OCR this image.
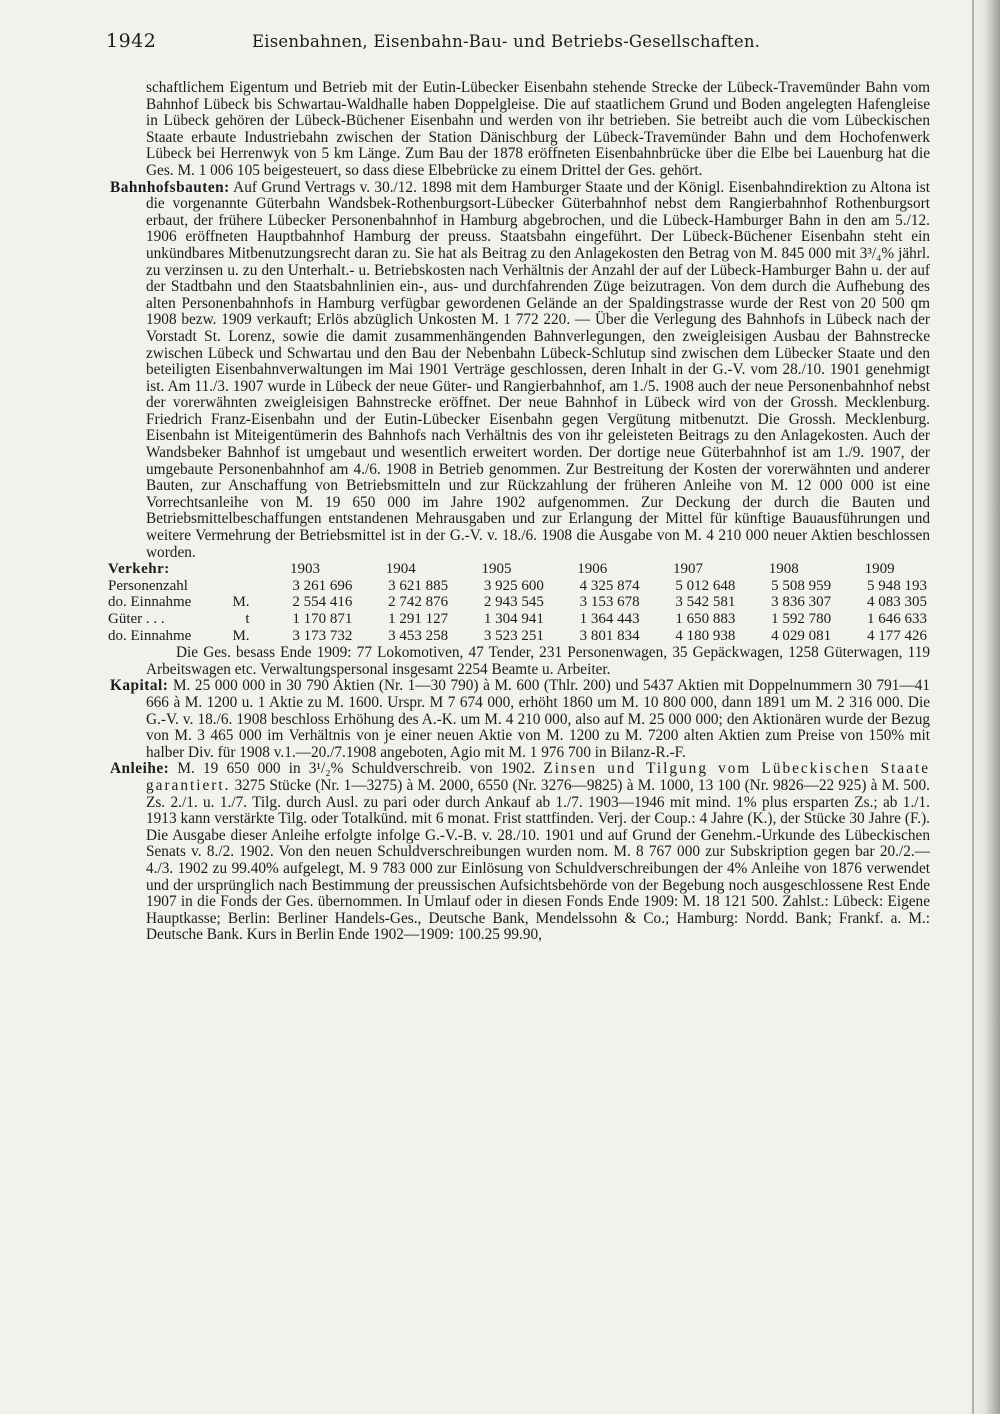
1942	Eisenbahnen, Eisenbahn-Bau- und Betriebs-Gesellschaften.

schaftlichem Eigentum und Betrieb mit der Eutin-Lübecker Eisenbahn stehende Strecke der Lübeck-Travemünder Bahn vom Bahnhof Lübeck bis Schwartau-Waldhalle haben Doppelgleise. Die auf staatlichem Grund und Boden angelegten Hafengleise in Lübeck gehören der Lübeck-Büchener Eisenbahn und werden von ihr betrieben. Sie betreibt auch die vom Lübeckischen Staate erbaute Industriebahn zwischen der Station Dänischburg der Lübeck-Travemünder Bahn und dem Hochofenwerk Lübeck bei Herrenwyk von 5 km Länge. Zum Bau der 1878 eröffneten Eisenbahnbrücke über die Elbe bei Lauenburg hat die Ges. M. 1 006 105 beigesteuert, so dass diese Elbebrücke zu einem Drittel der Ges. gehört.

Bahnhofsbauten: Auf Grund Vertrags v. 30./12. 1898 mit dem Hamburger Staate und der Königl. Eisenbahndirektion zu Altona ist die vorgenannte Güterbahn Wandsbek-Rothenburgsort-Lübecker Güterbahnhof nebst dem Rangierbahnhof Rothenburgsort erbaut, der frühere Lübecker Personenbahnhof in Hamburg abgebrochen, und die Lübeck-Hamburger Bahn in den am 5./12. 1906 eröffneten Hauptbahnhof Hamburg der preuss. Staatsbahn eingeführt. Der Lübeck-Büchener Eisenbahn steht ein unkündbares Mitbenutzungsrecht daran zu. Sie hat als Beitrag zu den Anlagekosten den Betrag von M. 845 000 mit 3³/₄% jährl. zu verzinsen u. zu den Unterhalt.- u. Betriebskosten nach Verhältnis der Anzahl der auf der Lübeck-Hamburger Bahn u. der auf der Stadtbahn und den Staatsbahnlinien ein-, aus- und durchfahrenden Züge beizutragen. Von dem durch die Aufhebung des alten Personenbahnhofs in Hamburg verfügbar gewordenen Gelände an der Spaldingstrasse wurde der Rest von 20 500 qm 1908 bezw. 1909 verkauft; Erlös abzüglich Unkosten M. 1 772 220. — Über die Verlegung des Bahnhofs in Lübeck nach der Vorstadt St. Lorenz, sowie die damit zusammenhängenden Bahnverlegungen, den zweigleisigen Ausbau der Bahnstrecke zwischen Lübeck und Schwartau und den Bau der Nebenbahn Lübeck-Schlutup sind zwischen dem Lübecker Staate und den beteiligten Eisenbahnverwaltungen im Mai 1901 Verträge geschlossen, deren Inhalt in der G.-V. vom 28./10. 1901 genehmigt ist. Am 11./3. 1907 wurde in Lübeck der neue Güter- und Rangierbahnhof, am 1./5. 1908 auch der neue Personenbahnhof nebst der vorerwähnten zweigleisigen Bahnstrecke eröffnet. Der neue Bahnhof in Lübeck wird von der Grossh. Mecklenburg. Friedrich Franz-Eisenbahn und der Eutin-Lübecker Eisenbahn gegen Vergütung mitbenutzt. Die Grossh. Mecklenburg. Eisenbahn ist Miteigentümerin des Bahnhofs nach Verhältnis des von ihr geleisteten Beitrags zu den Anlagekosten. Auch der Wandsbeker Bahnhof ist umgebaut und wesentlich erweitert worden. Der dortige neue Güterbahnhof ist am 1./9. 1907, der umgebaute Personenbahnhof am 4./6. 1908 in Betrieb genommen. Zur Bestreitung der Kosten der vorerwähnten und anderer Bauten, zur Anschaffung von Betriebsmitteln und zur Rückzahlung der früheren Anleihe von M. 12 000 000 ist eine Vorrechtsanleihe von M. 19 650 000 im Jahre 1902 aufgenommen. Zur Deckung der durch die Bauten und Betriebsmittelbeschaffungen entstandenen Mehrausgaben und zur Erlangung der Mittel für künftige Bauausführungen und weitere Vermehrung der Betriebsmittel ist in der G.-V. v. 18./6. 1908 die Ausgabe von M. 4 210 000 neuer Aktien beschlossen worden.

Verkehr:	1903	1904	1905	1906	1907	1908	1909
Personenzahl	3 261 696	3 621 885	3 925 600	4 325 874	5 012 648	5 508 959	5 948 193
do. Einnahme M.	2 554 416	2 742 876	2 943 545	3 153 678	3 542 581	3 836 307	4 083 305
Güter . . . t	1 170 871	1 291 127	1 304 941	1 364 443	1 650 883	1 592 780	1 646 633
do. Einnahme M.	3 173 732	3 453 258	3 523 251	3 801 834	4 180 938	4 029 081	4 177 426

Die Ges. besass Ende 1909: 77 Lokomotiven, 47 Tender, 231 Personenwagen, 35 Gepäckwagen, 1258 Güterwagen, 119 Arbeitswagen etc. Verwaltungspersonal insgesamt 2254 Beamte u. Arbeiter.

Kapital: M. 25 000 000 in 30 790 Aktien (Nr. 1—30 790) à M. 600 (Thlr. 200) und 5437 Aktien mit Doppelnummern 30 791—41 666 à M. 1200 u. 1 Aktie zu M. 1600. Urspr. M 7 674 000, erhöht 1860 um M. 10 800 000, dann 1891 um M. 2 316 000. Die G.-V. v. 18./6. 1908 beschloss Erhöhung des A.-K. um M. 4 210 000, also auf M. 25 000 000; den Aktionären wurde der Bezug von M. 3 465 000 im Verhältnis von je einer neuen Aktie von M. 1200 zu M. 7200 alten Aktien zum Preise von 150% mit halber Div. für 1908 v.1.—20./7.1908 angeboten, Agio mit M. 1 976 700 in Bilanz-R.-F.

Anleihe: M. 19 650 000 in 3¹/₂% Schuldverschreib. von 1902. Zinsen und Tilgung vom Lübeckischen Staate garantiert. 3275 Stücke (Nr. 1—3275) à M. 2000, 6550 (Nr. 3276—9825) à M. 1000, 13 100 (Nr. 9826—22 925) à M. 500. Zs. 2./1. u. 1./7. Tilg. durch Ausl. zu pari oder durch Ankauf ab 1./7. 1903—1946 mit mind. 1% plus ersparten Zs.; ab 1./1. 1913 kann verstärkte Tilg. oder Totalkünd. mit 6 monat. Frist stattfinden. Verj. der Coup.: 4 Jahre (K.), der Stücke 30 Jahre (F.). Die Ausgabe dieser Anleihe erfolgte infolge G.-V.-B. v. 28./10. 1901 und auf Grund der Genehm.-Urkunde des Lübeckischen Senats v. 8./2. 1902. Von den neuen Schuldverschreibungen wurden nom. M. 8 767 000 zur Subskription gegen bar 20./2.—4./3. 1902 zu 99.40% aufgelegt, M. 9 783 000 zur Einlösung von Schuldverschreibungen der 4% Anleihe von 1876 verwendet und der ursprünglich nach Bestimmung der preussischen Aufsichtsbehörde von der Begebung noch ausgeschlossene Rest Ende 1907 in die Fonds der Ges. übernommen. In Umlauf oder in diesen Fonds Ende 1909: M. 18 121 500. Zahlst.: Lübeck: Eigene Hauptkasse; Berlin: Berliner Handels-Ges., Deutsche Bank, Mendelssohn & Co.; Hamburg: Nordd. Bank; Frankf. a. M.: Deutsche Bank. Kurs in Berlin Ende 1902—1909: 100.25 99.90,
